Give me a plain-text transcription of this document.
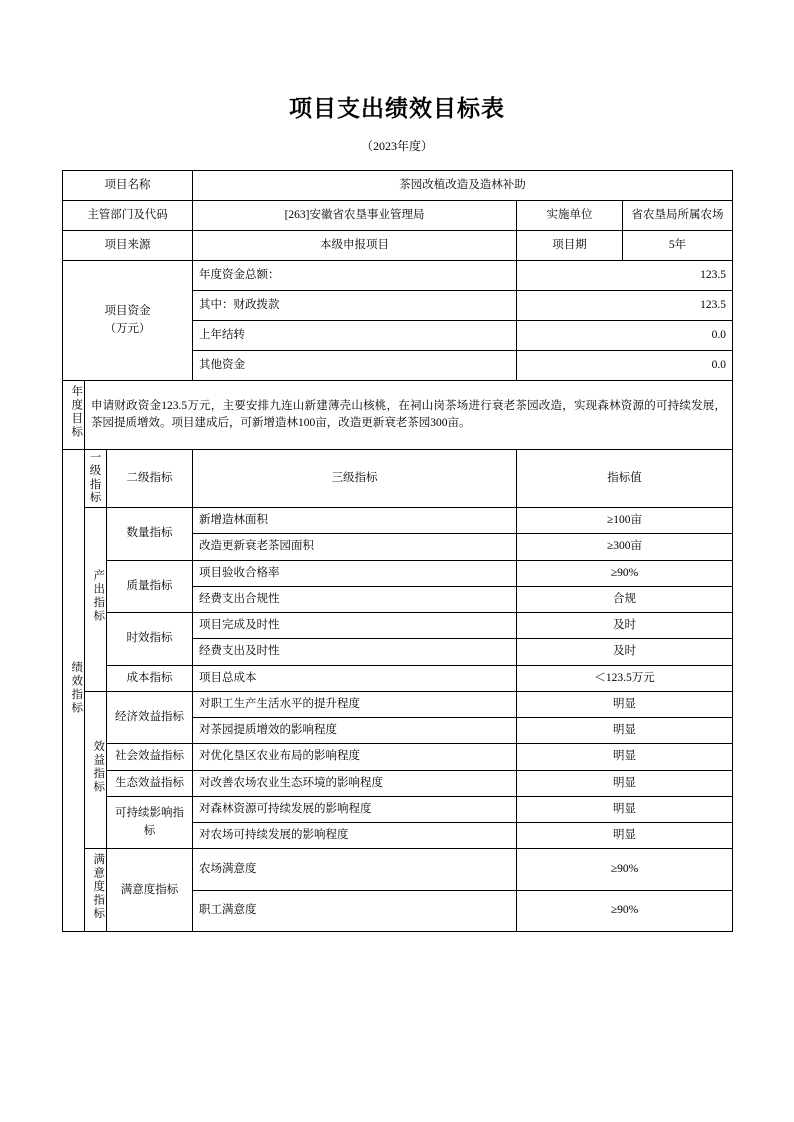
项目支出绩效目标表
（2023年度）
项目名称			茶园改植改造及造林补助		
主管部门及代码			[263]安徽省农垦事业管理局	实施单位	省农垦局所属农场
项目来源			本级申报项目	项目期	5年

项目资金
（万元）			年度资金总额：	123.5	
			其中：财政拨款	123.5	
			上年结转	0.0	
			其他资金	0.0	
年度目标	申请财政资金123.5万元，主要安排九连山新建薄壳山核桃，在祠山岗茶场进行衰老茶园改造，实现森林资源的可持续发展，茶园提质增效。项目建成后，可新增造林100亩，改造更新衰老茶园300亩。				
绩效指标	一级指标	二级指标	三级指标	指标值	
	产出指标	数量指标	新增造林面积	≥100亩	
			改造更新衰老茶园面积	≥300亩	
		质量指标	项目验收合格率	≥90%	
			经费支出合规性	合规	
		时效指标	项目完成及时性	及时	
			经费支出及时性	及时	
		成本指标	项目总成本	＜123.5万元	
	效益指标	经济效益指标	对职工生产生活水平的提升程度	明显	
			对茶园提质增效的影响程度	明显	
		社会效益指标	对优化垦区农业布局的影响程度	明显	
		生态效益指标	对改善农场农业生态环境的影响程度	明显	
		可持续影响指标	对森林资源可持续发展的影响程度	明显	
			对农场可持续发展的影响程度	明显	
	满意度指标	满意度指标	农场满意度	≥90%	
			职工满意度	≥90%	
